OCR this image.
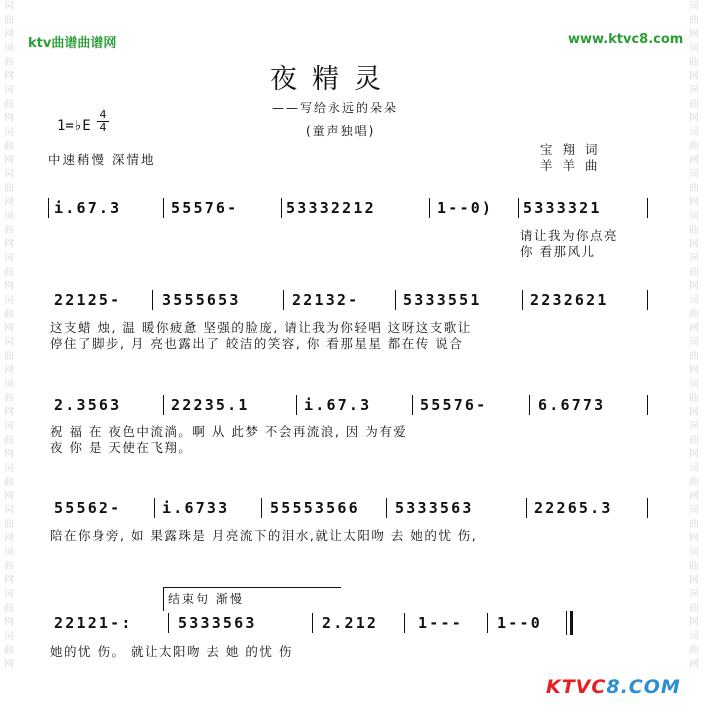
词曲网词曲网词曲网词曲网词曲网词曲网词曲网词曲网词曲网词曲网词曲网词曲网词曲网词曲网词曲网词曲网
词曲网词曲网词曲网词曲网词曲网词曲网词曲网词曲网词曲网词曲网词曲网词曲网词曲网词曲网词曲网词曲网
ktv曲谱曲谱网	www.ktvc8.com
夜精灵
——写给永远的朵朵
(童声独唱)
1=♭E
4
4
中速稍慢 深情地
宝翔词
羊羊曲
i.67.3	55576-	53332212	1--0) 5333321
请让我为你点亮
你 看那风儿
22125-	3555653	22132-	5333551	2232621
这支蜡 烛, 温 暖你疲惫 坚强的脸庞, 请让我为你轻唱 这呀这支歌让
停住了脚步, 月 亮也露出了 皎洁的笑容, 你 看那星星 都在传 说合
2.3563	22235.1	i.67.3	55576-	6.6773
祝 福 在 夜色中流淌。啊 从 此梦 不会再流浪, 因 为有爱
夜 你 是 天使在飞翔。
55562-	i.6733	55553566 5333563	22265.3
陪在你身旁, 如 果露珠是 月亮流下的泪水,就让太阳吻 去 她的忧 伤,
结束句 渐慢
22121-:	5333563	2.212	1--- 1--0
她的忧 伤。 就让太阳吻 去 她 的忧 伤
KTVC8.COM
